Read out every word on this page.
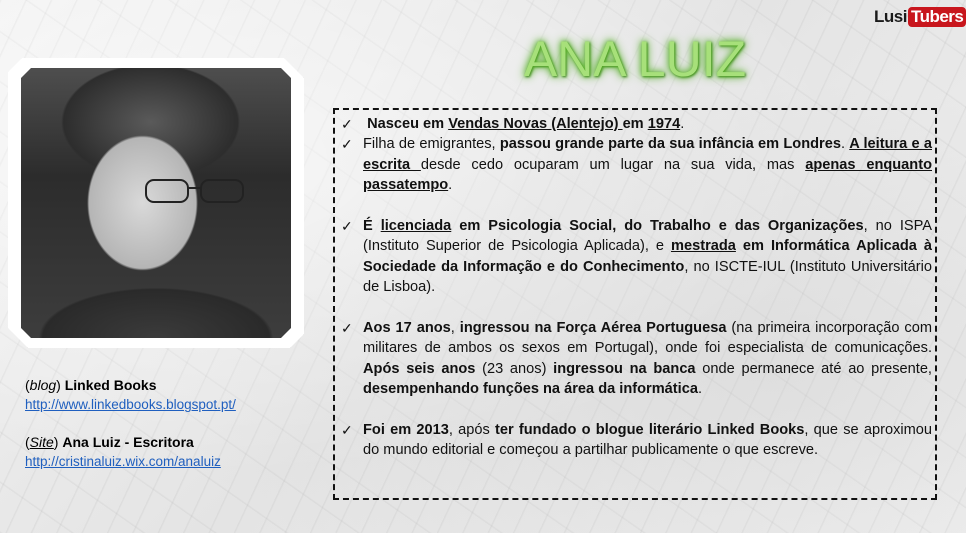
Lusi Tubers
ANA LUIZ
(blog) Linked Books
http://www.linkedbooks.blogspot.pt/
(Site) Ana Luiz - Escritora
http://cristinaluiz.wix.com/analuiz
✓ Nasceu em Vendas Novas (Alentejo) em 1974.
✓ Filha de emigrantes, passou grande parte da sua infância em Londres. A leitura e a escrita desde cedo ocuparam um lugar na sua vida, mas apenas enquanto passatempo.
✓ É licenciada em Psicologia Social, do Trabalho e das Organizações, no ISPA (Instituto Superior de Psicologia Aplicada), e mestrada em Informática Aplicada à Sociedade da Informação e do Conhecimento, no ISCTE-IUL (Instituto Universitário de Lisboa).
✓ Aos 17 anos, ingressou na Força Aérea Portuguesa (na primeira incorporação com militares de ambos os sexos em Portugal), onde foi especialista de comunicações. Após seis anos (23 anos) ingressou na banca onde permanece até ao presente, desempenhando funções na área da informática.
✓ Foi em 2013, após ter fundado o blogue literário Linked Books, que se aproximou do mundo editorial e começou a partilhar publicamente o que escreve.
